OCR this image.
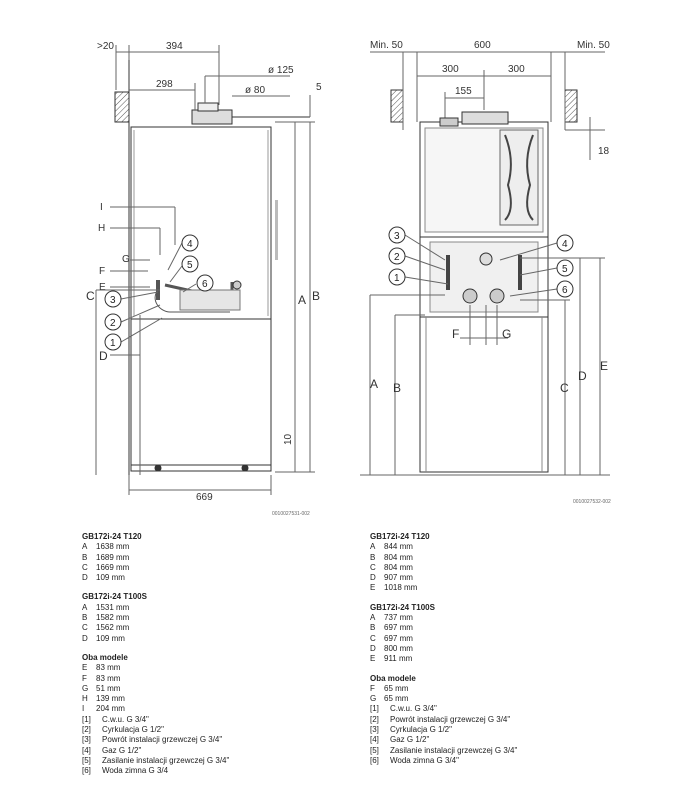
>20	394
298
ø 125
ø 80	5
669
10
A B
C
D
E
F
G
H
I
3
2
1
4
5
6
0010027531-002
Min. 50	600	Min. 50
300	300
155
18
A B	C
D
E
F	G
3
2
1
4
5
6
0010027532-002
GB172i-24 T120
A	1638 mm
B	1689 mm
C	1669 mm
D	109 mm
GB172i-24 T100S
A	1531 mm
B	1582 mm
C	1562 mm
D	109 mm
Oba modele
E	83 mm
F	83 mm
G 51 mm
H	139 mm
I	204 mm
[1]	C.w.u. G 3/4"
[2]	Cyrkulacja G 1/2"
[3]	Powrót instalacji grzewczej G 3/4"
[4]	Gaz G 1/2"
[5]	Zasilanie instalacji grzewczej G 3/4"
[6]	Woda zimna G 3/4
GB172i-24 T120
A	844 mm
B	804 mm
C	804 mm
D	907 mm
E	1018 mm
GB172i-24 T100S
A	737 mm
B	697 mm
C	697 mm
D	800 mm
E	911 mm
Oba modele
F	65 mm
G 65 mm
[1]	C.w.u. G 3/4"
[2]	Powrót instalacji grzewczej G 3/4"
[3]	Cyrkulacja G 1/2"
[4]	Gaz G 1/2"
[5]	Zasilanie instalacji grzewczej G 3/4"
[6]	Woda zimna G 3/4"
